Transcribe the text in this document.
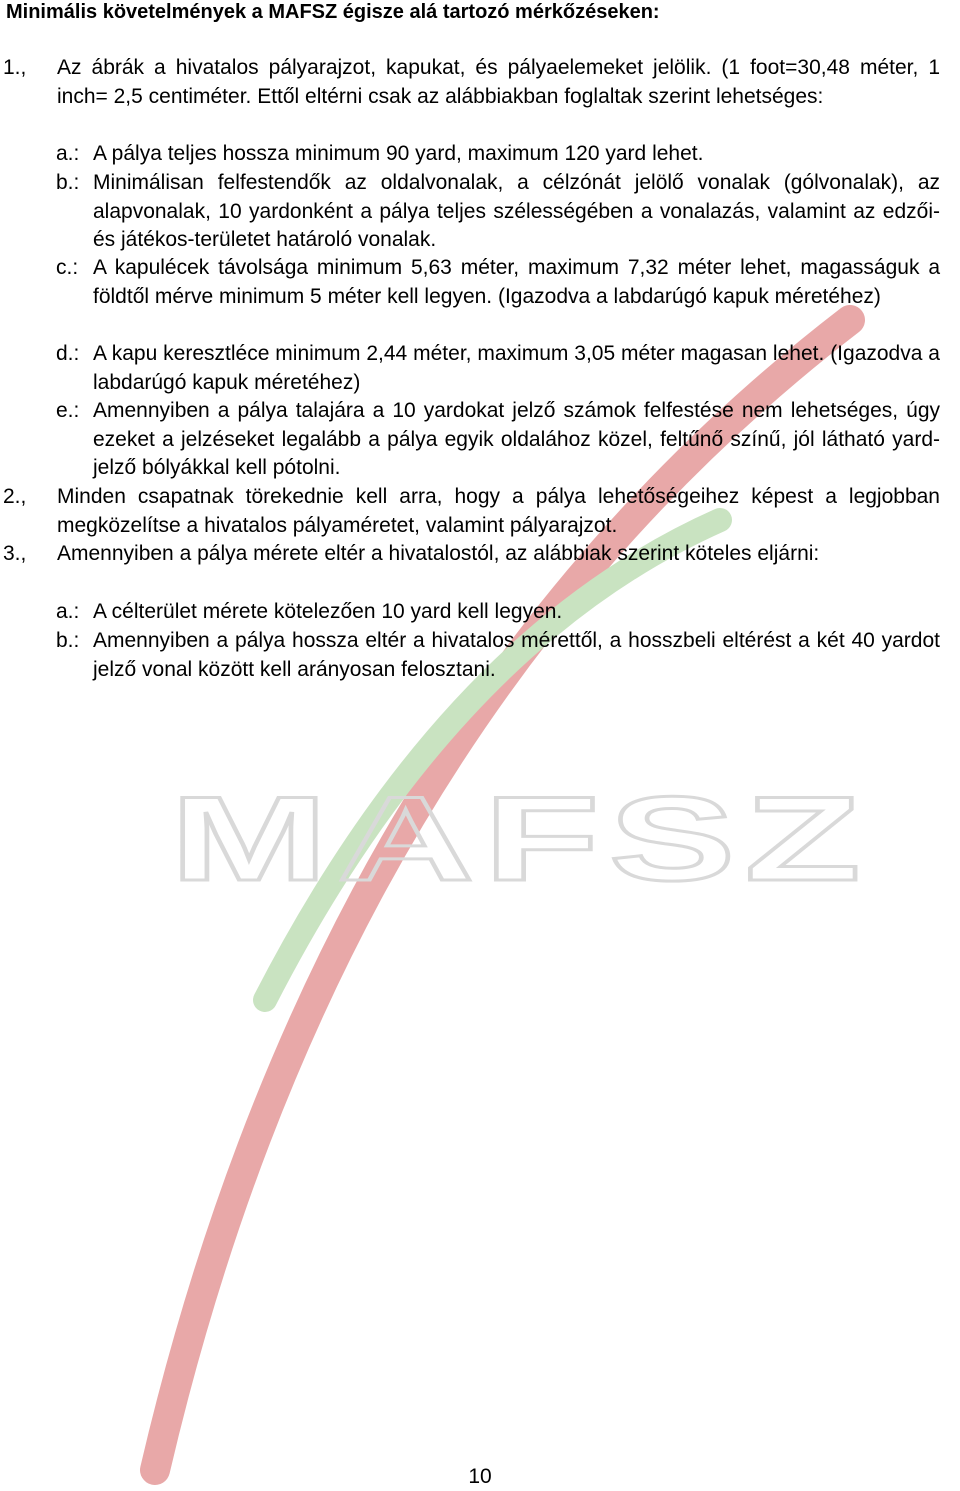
MAFSZ
Minimális követelmények a MAFSZ égisze alá tartozó mérkőzéseken:
1., Az ábrák a hivatalos pályarajzot, kapukat, és pályaelemeket jelölik. (1 foot=30,48 méter, 1 inch= 2,5 centiméter. Ettől eltérni csak az alábbiakban foglaltak szerint lehetséges:
a.: A pálya teljes hossza minimum 90 yard, maximum 120 yard lehet.
b.: Minimálisan felfestendők az oldalvonalak, a célzónát jelölő vonalak (gólvonalak), az alapvonalak, 10 yardonként a pálya teljes szélességében a vonalazás, valamint az edzői- és játékos-területet határoló vonalak.
c.: A kapulécek távolsága minimum 5,63 méter, maximum 7,32 méter lehet, magasságuk a földtől mérve minimum 5 méter kell legyen. (Igazodva a labdarúgó kapuk méretéhez)
d.: A kapu keresztléce minimum 2,44 méter, maximum 3,05 méter magasan lehet. (Igazodva a labdarúgó kapuk méretéhez)
e.: Amennyiben a pálya talajára a 10 yardokat jelző számok felfestése nem lehetséges, úgy ezeket a jelzéseket legalább a pálya egyik oldalához közel, feltűnő színű, jól látható yard-jelző bólyákkal kell pótolni.
2., Minden csapatnak törekednie kell arra, hogy a pálya lehetőségeihez képest a legjobban megközelítse a hivatalos pályaméretet, valamint pályarajzot.
3., Amennyiben a pálya mérete eltér a hivatalostól, az alábbiak szerint köteles eljárni:
a.: A célterület mérete kötelezően 10 yard kell legyen.
b.: Amennyiben a pálya hossza eltér a hivatalos mérettől, a hosszbeli eltérést a két 40 yardot jelző vonal között kell arányosan felosztani.
10
